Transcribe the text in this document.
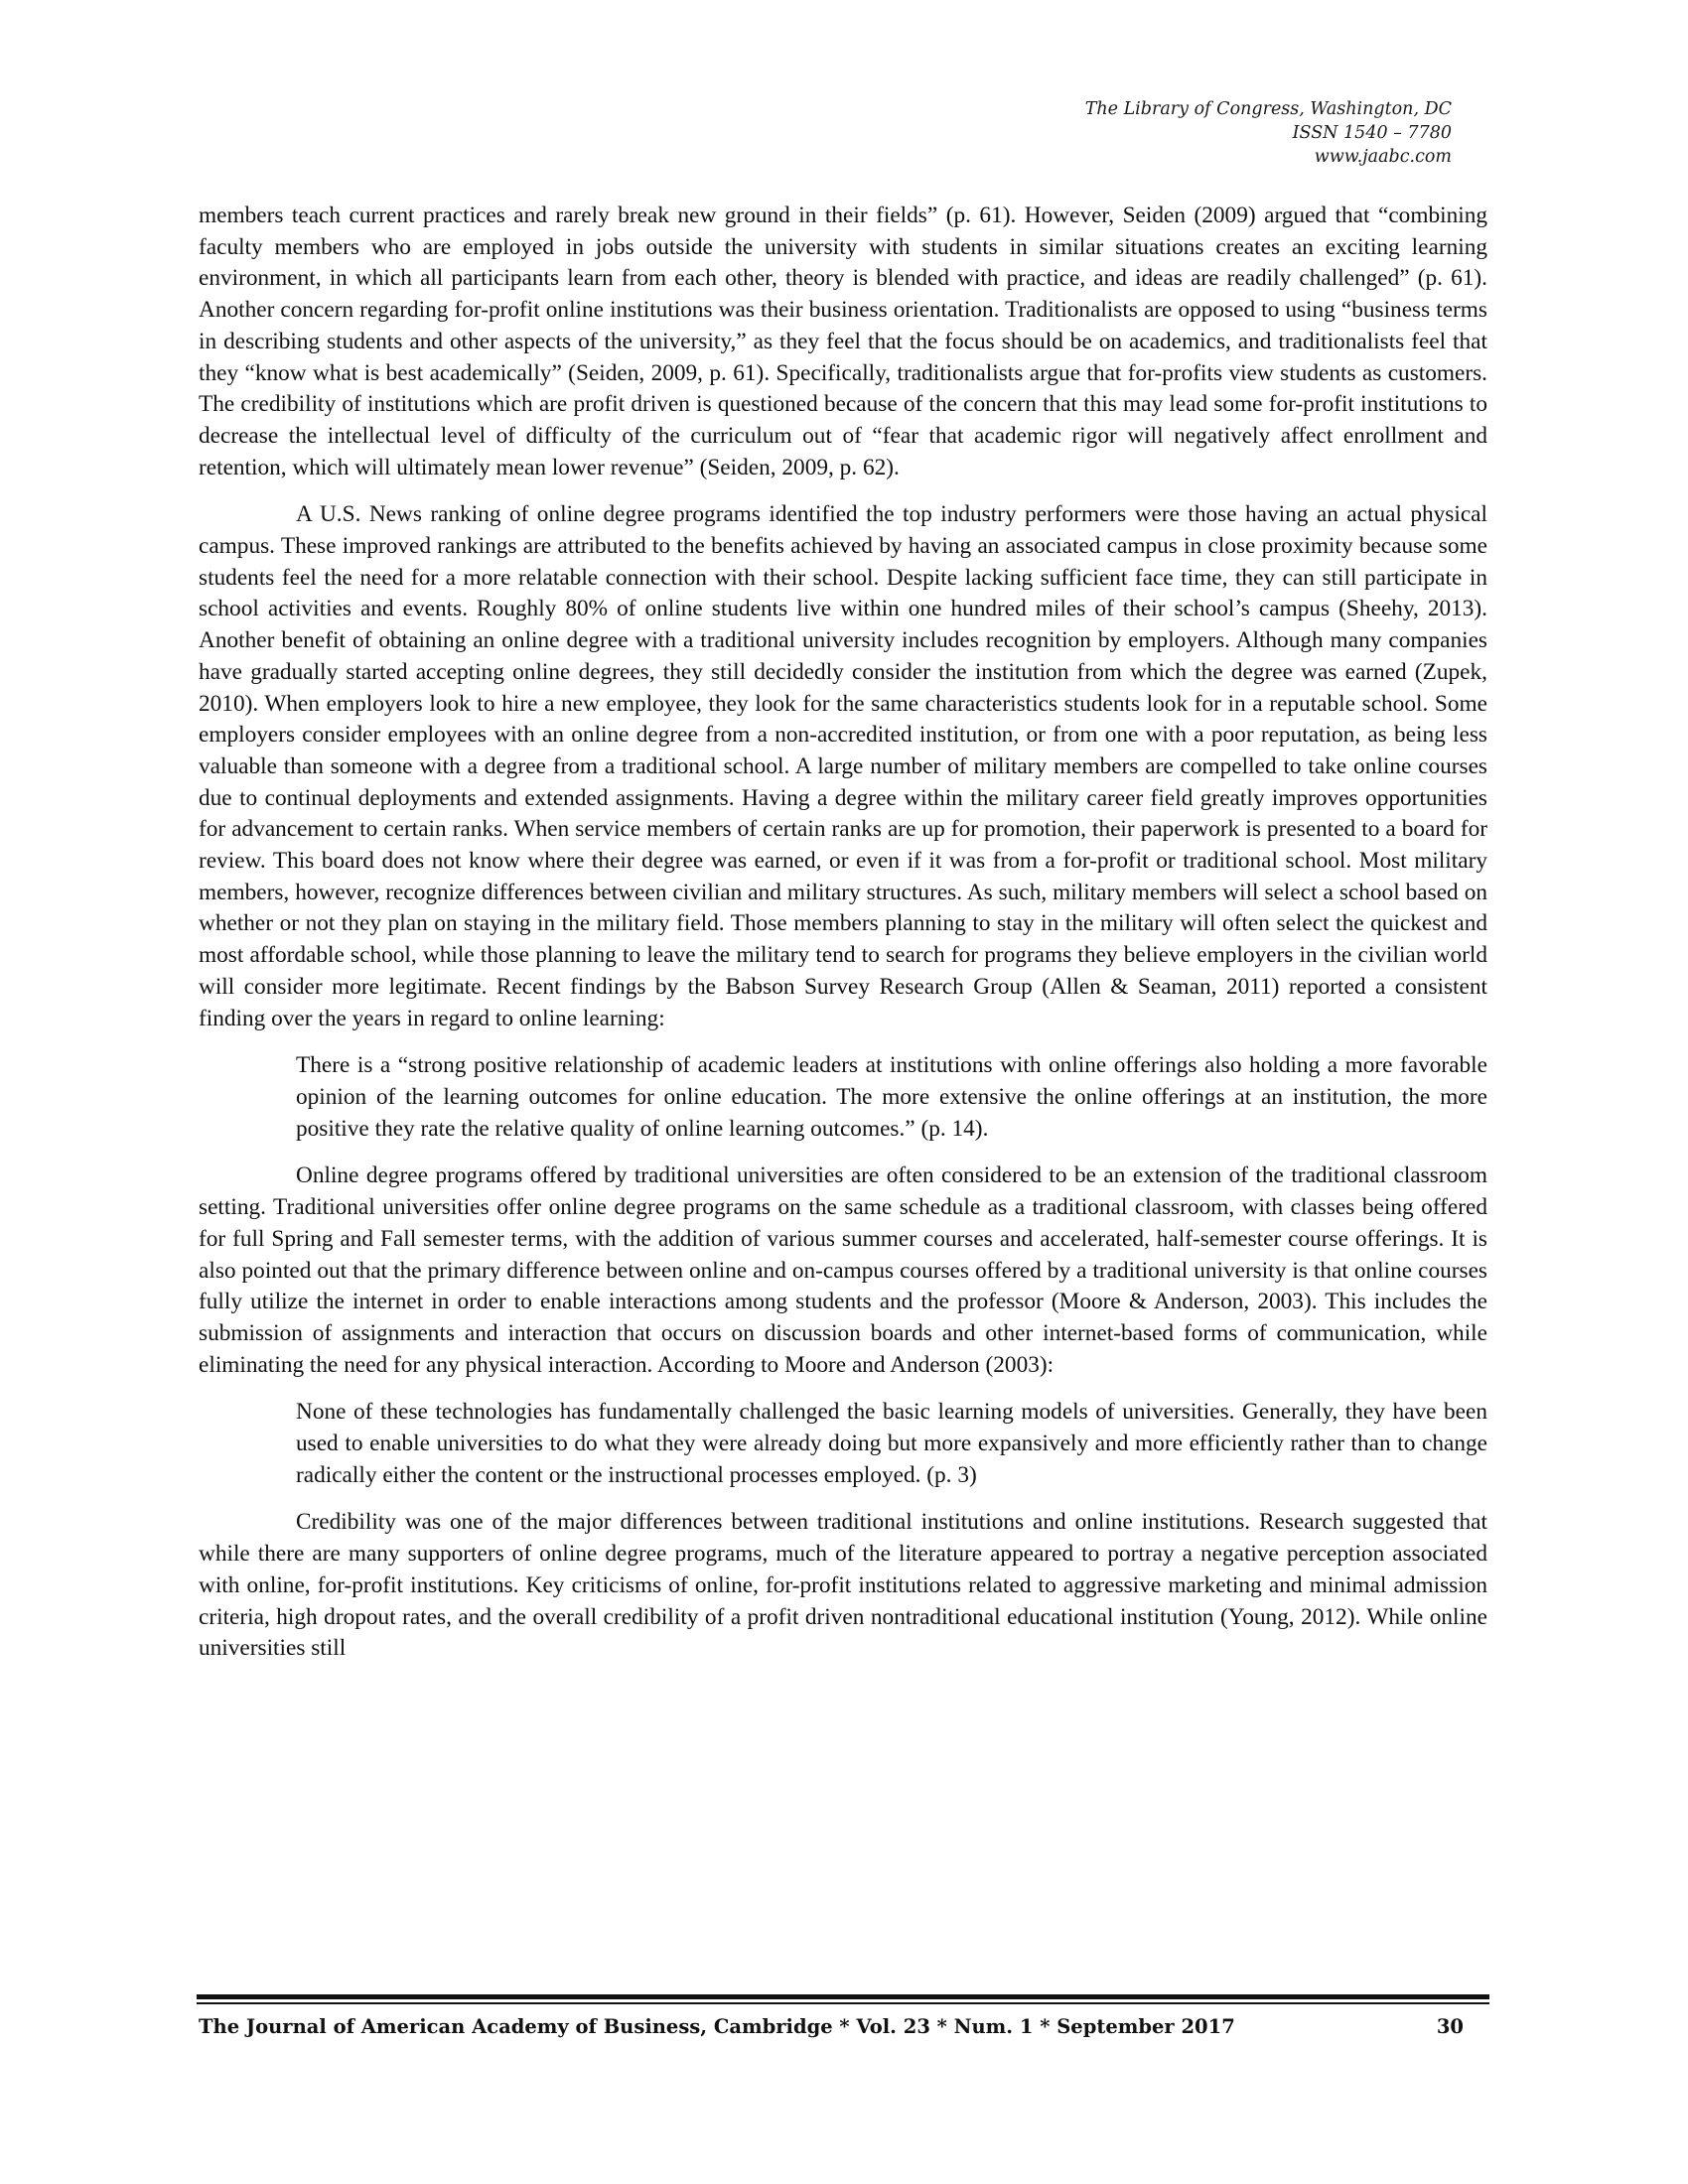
The Library of Congress, Washington, DC
ISSN 1540 – 7780
www.jaabc.com

members teach current practices and rarely break new ground in their fields” (p. 61). However, Seiden (2009) argued that “combining faculty members who are employed in jobs outside the university with students in similar situations creates an exciting learning environment, in which all participants learn from each other, theory is blended with practice, and ideas are readily challenged” (p. 61). Another concern regarding for-profit online institutions was their business orientation. Traditionalists are opposed to using “business terms in describing students and other aspects of the university,” as they feel that the focus should be on academics, and traditionalists feel that they “know what is best academically” (Seiden, 2009, p. 61). Specifically, traditionalists argue that for-profits view students as customers. The credibility of institutions which are profit driven is questioned because of the concern that this may lead some for-profit institutions to decrease the intellectual level of difficulty of the curriculum out of “fear that academic rigor will negatively affect enrollment and retention, which will ultimately mean lower revenue” (Seiden, 2009, p. 62).

A U.S. News ranking of online degree programs identified the top industry performers were those having an actual physical campus. These improved rankings are attributed to the benefits achieved by having an associated campus in close proximity because some students feel the need for a more relatable connection with their school. Despite lacking sufficient face time, they can still participate in school activities and events. Roughly 80% of online students live within one hundred miles of their school’s campus (Sheehy, 2013). Another benefit of obtaining an online degree with a traditional university includes recognition by employers. Although many companies have gradually started accepting online degrees, they still decidedly consider the institution from which the degree was earned (Zupek, 2010). When employers look to hire a new employee, they look for the same characteristics students look for in a reputable school. Some employers consider employees with an online degree from a non-accredited institution, or from one with a poor reputation, as being less valuable than someone with a degree from a traditional school. A large number of military members are compelled to take online courses due to continual deployments and extended assignments. Having a degree within the military career field greatly improves opportunities for advancement to certain ranks. When service members of certain ranks are up for promotion, their paperwork is presented to a board for review. This board does not know where their degree was earned, or even if it was from a for-profit or traditional school. Most military members, however, recognize differences between civilian and military structures. As such, military members will select a school based on whether or not they plan on staying in the military field. Those members planning to stay in the military will often select the quickest and most affordable school, while those planning to leave the military tend to search for programs they believe employers in the civilian world will consider more legitimate. Recent findings by the Babson Survey Research Group (Allen & Seaman, 2011) reported a consistent finding over the years in regard to online learning:

There is a “strong positive relationship of academic leaders at institutions with online offerings also holding a more favorable opinion of the learning outcomes for online education. The more extensive the online offerings at an institution, the more positive they rate the relative quality of online learning outcomes.” (p. 14).

Online degree programs offered by traditional universities are often considered to be an extension of the traditional classroom setting. Traditional universities offer online degree programs on the same schedule as a traditional classroom, with classes being offered for full Spring and Fall semester terms, with the addition of various summer courses and accelerated, half-semester course offerings. It is also pointed out that the primary difference between online and on-campus courses offered by a traditional university is that online courses fully utilize the internet in order to enable interactions among students and the professor (Moore & Anderson, 2003). This includes the submission of assignments and interaction that occurs on discussion boards and other internet-based forms of communication, while eliminating the need for any physical interaction. According to Moore and Anderson (2003):

None of these technologies has fundamentally challenged the basic learning models of universities. Generally, they have been used to enable universities to do what they were already doing but more expansively and more efficiently rather than to change radically either the content or the instructional processes employed. (p. 3)

Credibility was one of the major differences between traditional institutions and online institutions. Research suggested that while there are many supporters of online degree programs, much of the literature appeared to portray a negative perception associated with online, for-profit institutions. Key criticisms of online, for-profit institutions related to aggressive marketing and minimal admission criteria, high dropout rates, and the overall credibility of a profit driven nontraditional educational institution (Young, 2012). While online universities still

The Journal of American Academy of Business, Cambridge * Vol. 23 * Num. 1 * September 2017	30
